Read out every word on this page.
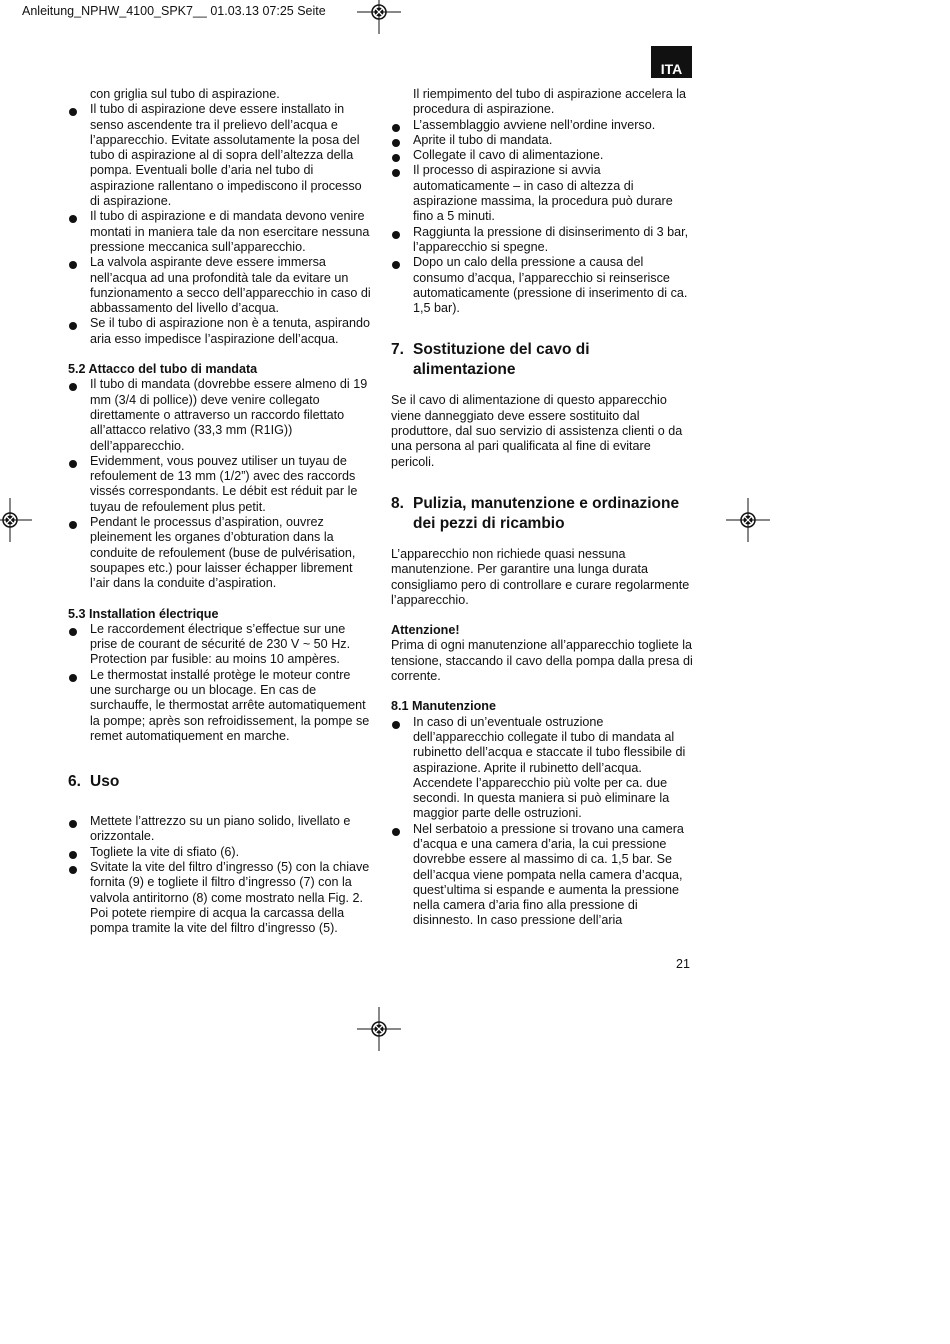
Anleitung_NPHW_4100_SPK7__ 01.03.13 07:25 Seite
ITA

con griglia sul tubo di aspirazione.

Il tubo di aspirazione deve essere installato in senso ascendente tra il prelievo dell’acqua e l’apparecchio. Evitate assolutamente la posa del tubo di aspirazione al di sopra dell’altezza della pompa. Eventuali bolle d’aria nel tubo di aspirazione rallentano o impediscono il processo di aspirazione.

Il tubo di aspirazione e di mandata devono venire montati in maniera tale da non esercitare nessuna pressione meccanica sull’apparecchio.

La valvola aspirante deve essere immersa nell’acqua ad una profondità tale da evitare un funzionamento a secco dell’apparecchio in caso di abbassamento del livello d’acqua.

Se il tubo di aspirazione non è a tenuta, aspirando aria esso impedisce l’aspirazione dell’acqua.

5.2 Attacco del tubo di mandata

Il tubo di mandata (dovrebbe essere almeno di 19 mm (3/4 di pollice)) deve venire collegato direttamente o attraverso un raccordo filettato all’attacco relativo (33,3 mm (R1IG)) dell’apparecchio.

Evidemment, vous pouvez utiliser un tuyau de refoulement de 13 mm (1/2”) avec des raccords vissés correspondants. Le débit est réduit par le tuyau de refoulement plus petit.

Pendant le processus d’aspiration, ouvrez pleinement les organes d’obturation dans la conduite de refoulement (buse de pulvérisation, soupapes etc.) pour laisser échapper librement l’air dans la conduite d’aspiration.

5.3 Installation électrique

Le raccordement électrique s’effectue sur une prise de courant de sécurité de 230 V ~ 50 Hz. Protection par fusible: au moins 10 ampères.

Le thermostat installé protège le moteur contre une surcharge ou un blocage. En cas de surchauffe, le thermostat arrête automatiquement la pompe; après son refroidissement, la pompe se remet automatiquement en marche.

6. Uso

Mettete l’attrezzo su un piano solido, livellato e orizzontale.

Togliete la vite di sfiato (6).

Svitate la vite del filtro d’ingresso (5) con la chiave fornita (9) e togliete il filtro d’ingresso (7) con la valvola antiritorno (8) come mostrato nella Fig. 2. Poi potete riempire di acqua la carcassa della pompa tramite la vite del filtro d’ingresso (5).

Il riempimento del tubo di aspirazione accelera la procedura di aspirazione.

L’assemblaggio avviene nell’ordine inverso.

Aprite il tubo di mandata.

Collegate il cavo di alimentazione.

Il processo di aspirazione si avvia automaticamente – in caso di altezza di aspirazione massima, la procedura può durare fino a 5 minuti.

Raggiunta la pressione di disinserimento di 3 bar, l’apparecchio si spegne.

Dopo un calo della pressione a causa del consumo d’acqua, l’apparecchio si reinserisce automaticamente (pressione di inserimento di ca. 1,5 bar).

7. Sostituzione del cavo di alimentazione

Se il cavo di alimentazione di questo apparecchio viene danneggiato deve essere sostituito dal produttore, dal suo servizio di assistenza clienti o da una persona al pari qualificata al fine di evitare pericoli.

8. Pulizia, manutenzione e ordinazione dei pezzi di ricambio

L’apparecchio non richiede quasi nessuna manutenzione. Per garantire una lunga durata consigliamo pero di controllare e curare regolarmente l’apparecchio.

Attenzione!

Prima di ogni manutenzione all’apparecchio togliete la tensione, staccando il cavo della pompa dalla presa di corrente.

8.1 Manutenzione

In caso di un’eventuale ostruzione dell’apparecchio collegate il tubo di mandata al rubinetto dell’acqua e staccate il tubo flessibile di aspirazione. Aprite il rubinetto dell’acqua. Accendete l’apparecchio più volte per ca. due secondi. In questa maniera si può eliminare la maggior parte delle ostruzioni.

Nel serbatoio a pressione si trovano una camera d’acqua e una camera d’aria, la cui pressione dovrebbe essere al massimo di ca. 1,5 bar. Se dell’acqua viene pompata nella camera d’acqua, quest’ultima si espande e aumenta la pressione nella camera d’aria fino alla pressione di disinnesto. In caso pressione dell’aria

21
